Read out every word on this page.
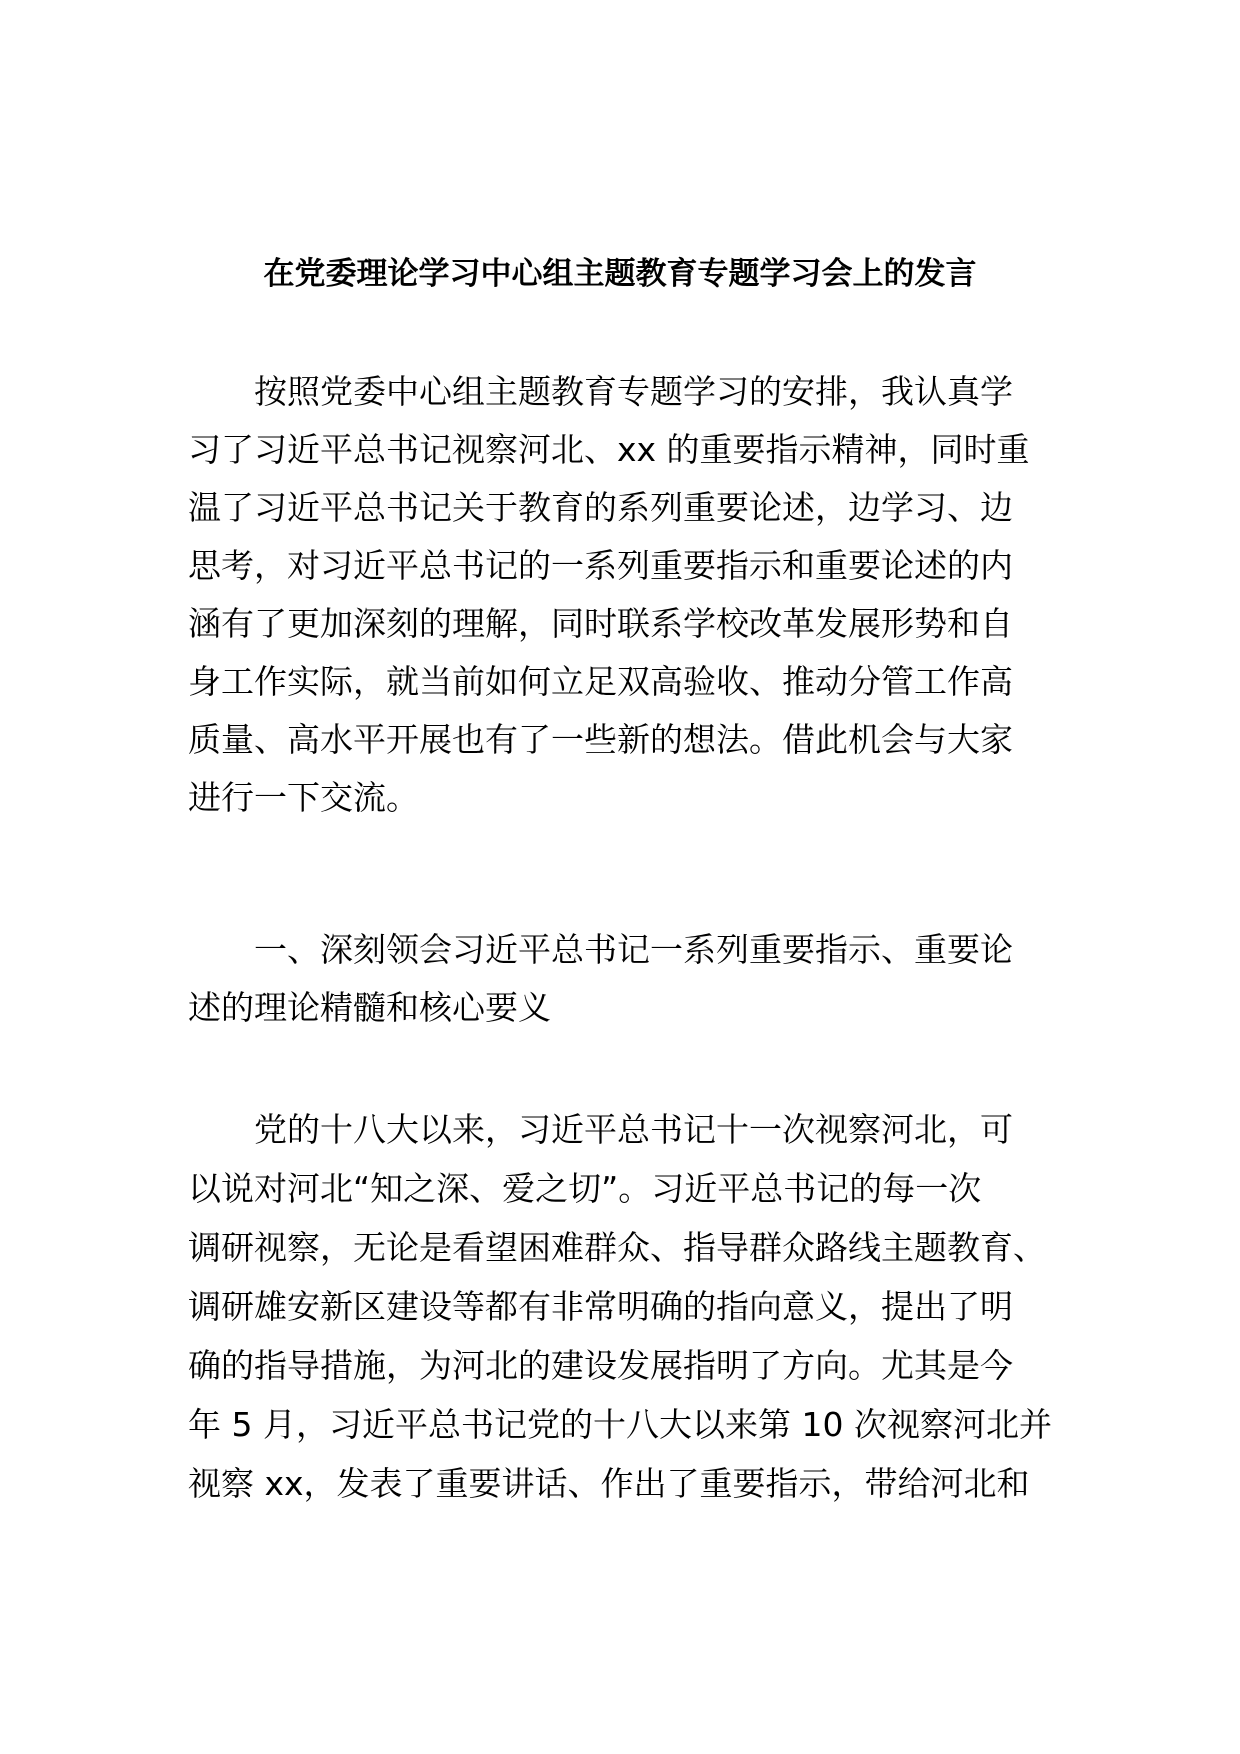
在党委理论学习中心组主题教育专题学习会上的发言
　　按照党委中心组主题教育专题学习的安排，我认真学
习了习近平总书记视察河北、xx 的重要指示精神，同时重
温了习近平总书记关于教育的系列重要论述，边学习、边
思考，对习近平总书记的一系列重要指示和重要论述的内
涵有了更加深刻的理解，同时联系学校改革发展形势和自
身工作实际，就当前如何立足双高验收、推动分管工作高
质量、高水平开展也有了一些新的想法。借此机会与大家
进行一下交流。
　　一、深刻领会习近平总书记一系列重要指示、重要论
述的理论精髓和核心要义
　　党的十八大以来，习近平总书记十一次视察河北，可
以说对河北“知之深、爱之切”。习近平总书记的每一次
调研视察，无论是看望困难群众、指导群众路线主题教育、
调研雄安新区建设等都有非常明确的指向意义，提出了明
确的指导措施，为河北的建设发展指明了方向。尤其是今
年 5 月，习近平总书记党的十八大以来第 10 次视察河北并
视察 xx，发表了重要讲话、作出了重要指示，带给河北和
